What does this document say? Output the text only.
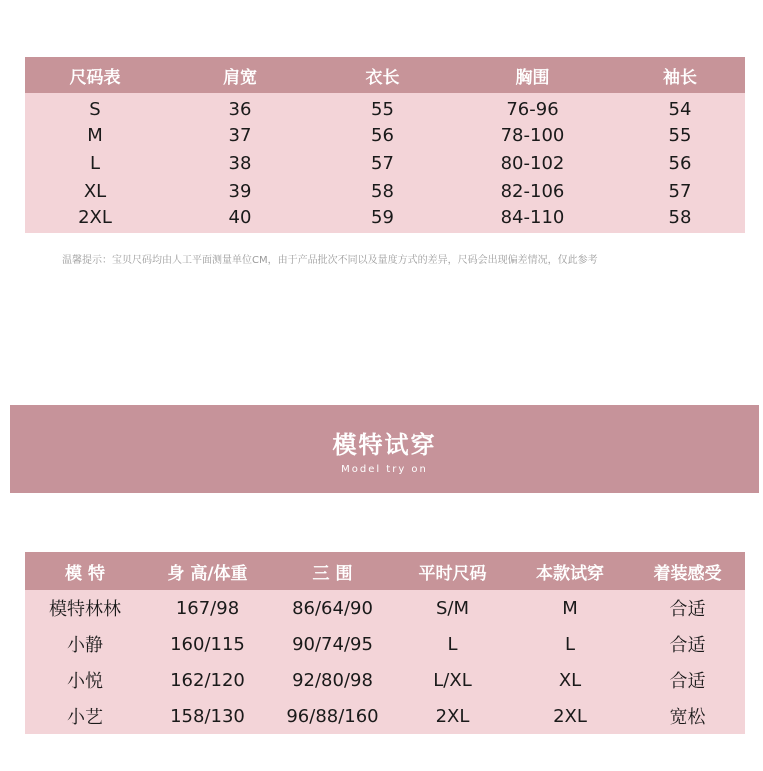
尺码表	肩宽	衣长	胸围	袖长
S	36	55	76-96	54
M	37	56	78-100	55
L	38	57	80-102	56
XL	39	58	82-106	57
2XL	40	59	84-110	58
温馨提示：宝贝尺码均由人工平面测量单位CM，由于产品批次不同以及量度方式的差异，尺码会出现偏差情况，仅此参考
模特试穿
Model try on
模 特	身 高/体重	三 围	平时尺码	本款试穿	着装感受
模特林林	167/98	86/64/90	S/M	M	合适
小静	160/115	90/74/95	L	L	合适
小悦	162/120	92/80/98	L/XL	XL	合适
小艺	158/130	96/88/160	2XL	2XL	宽松
